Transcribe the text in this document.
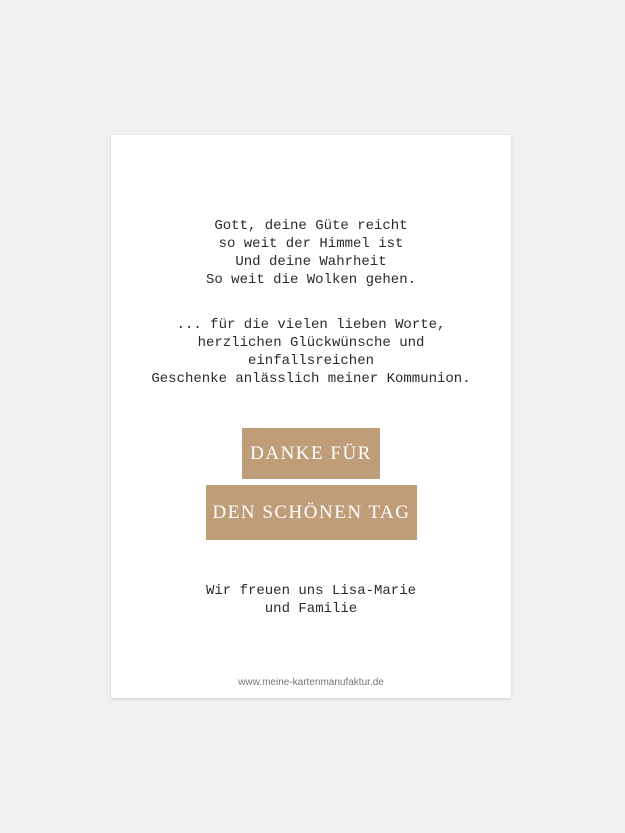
Gott, deine Güte reicht
so weit der Himmel ist
Und deine Wahrheit
So weit die Wolken gehen.
... für die vielen lieben Worte,
herzlichen Glückwünsche und
einfallsreichen
Geschenke anlässlich meiner Kommunion.
DANKE FÜR
DEN SCHÖNEN TAG
Wir freuen uns Lisa-Marie
und Familie
www.meine-kartenmanufaktur.de
